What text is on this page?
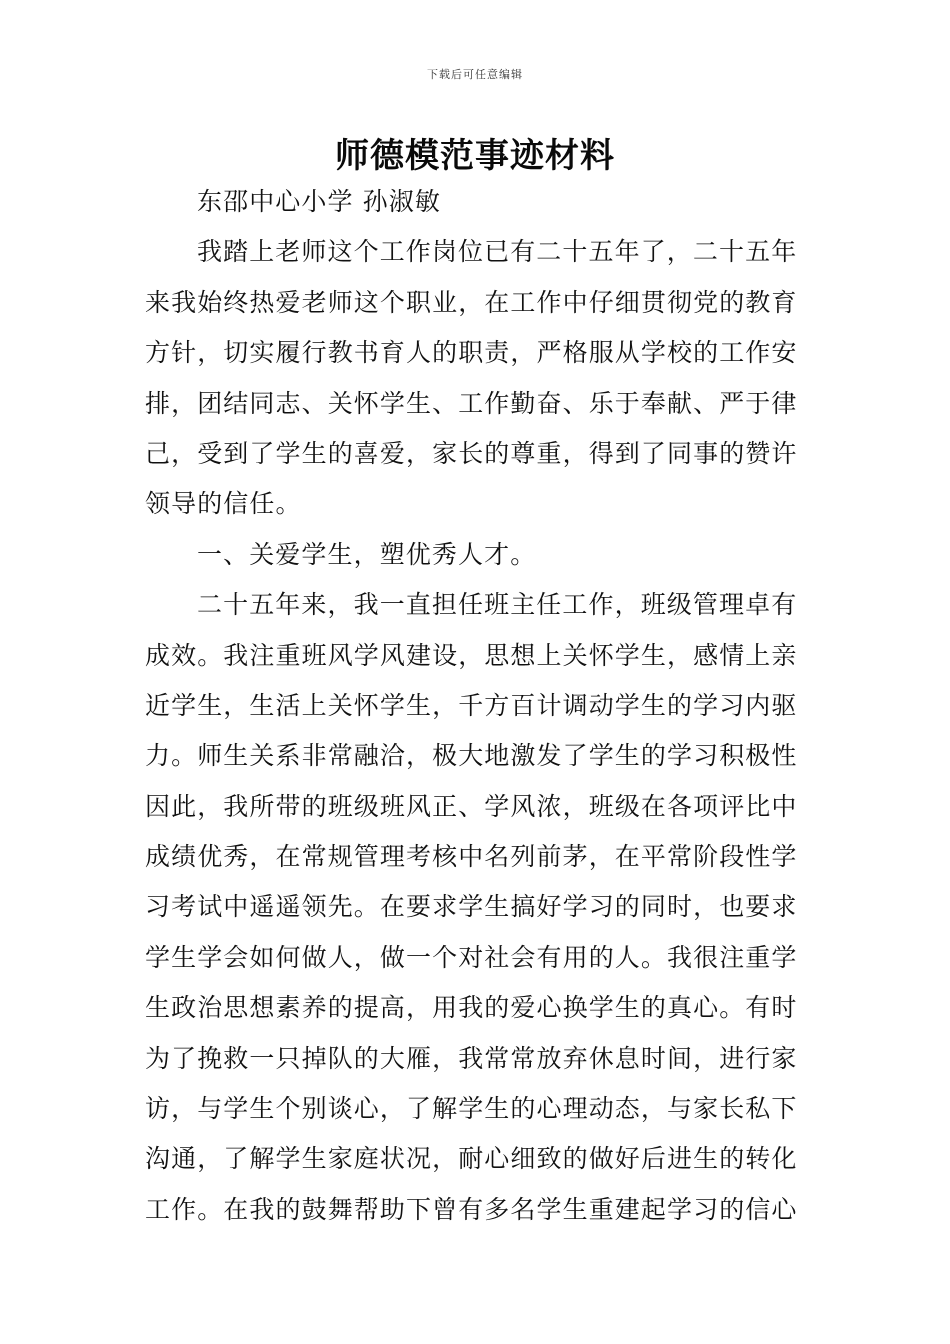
下载后可任意编辑
师德模范事迹材料
东邵中心小学 孙淑敏
我踏上老师这个工作岗位已有二十五年了，二十五年
来我始终热爱老师这个职业，在工作中仔细贯彻党的教育
方针，切实履行教书育人的职责，严格服从学校的工作安
排，团结同志、关怀学生、工作勤奋、乐于奉献、严于律
己，受到了学生的喜爱，家长的尊重，得到了同事的赞许
领导的信任。
一、关爱学生，塑优秀人才。
二十五年来，我一直担任班主任工作，班级管理卓有
成效。我注重班风学风建设，思想上关怀学生，感情上亲
近学生，生活上关怀学生，千方百计调动学生的学习内驱
力。师生关系非常融洽，极大地激发了学生的学习积极性
因此，我所带的班级班风正、学风浓，班级在各项评比中
成绩优秀，在常规管理考核中名列前茅，在平常阶段性学
习考试中遥遥领先。在要求学生搞好学习的同时，也要求
学生学会如何做人，做一个对社会有用的人。我很注重学
生政治思想素养的提高，用我的爱心换学生的真心。有时
为了挽救一只掉队的大雁，我常常放弃休息时间，进行家
访，与学生个别谈心，了解学生的心理动态，与家长私下
沟通，了解学生家庭状况，耐心细致的做好后进生的转化
工作。在我的鼓舞帮助下曾有多名学生重建起学习的信心
